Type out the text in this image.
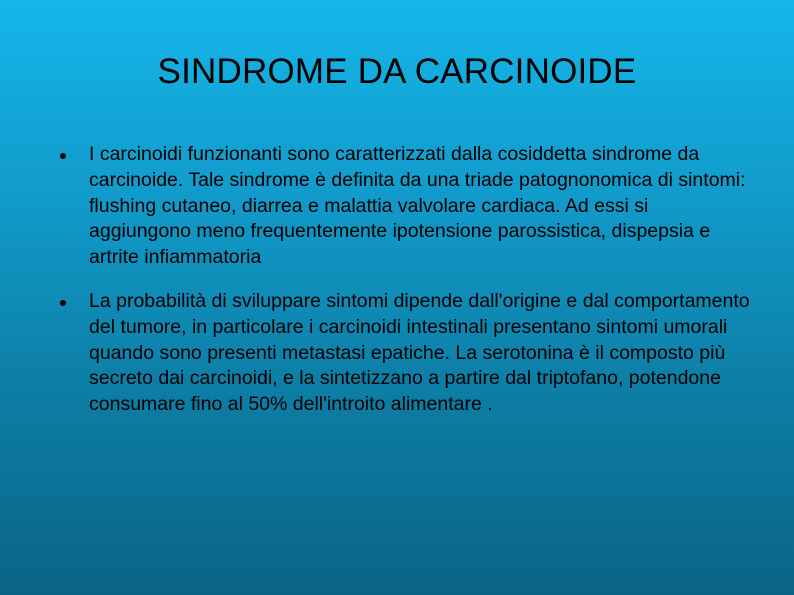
SINDROME DA CARCINOIDE
I carcinoidi funzionanti sono caratterizzati dalla cosiddetta sindrome da carcinoide. Tale sindrome è definita da una triade patognonomica di sintomi: flushing cutaneo, diarrea e malattia valvolare cardiaca. Ad essi si aggiungono meno frequentemente ipotensione parossistica, dispepsia e artrite infiammatoria
La probabilità di sviluppare sintomi dipende dall'origine e dal comportamento del tumore, in particolare i carcinoidi intestinali presentano sintomi umorali quando sono presenti metastasi epatiche. La serotonina è il composto più secreto dai carcinoidi, e la sintetizzano a partire dal triptofano, potendone consumare fino al 50% dell'introito alimentare .
